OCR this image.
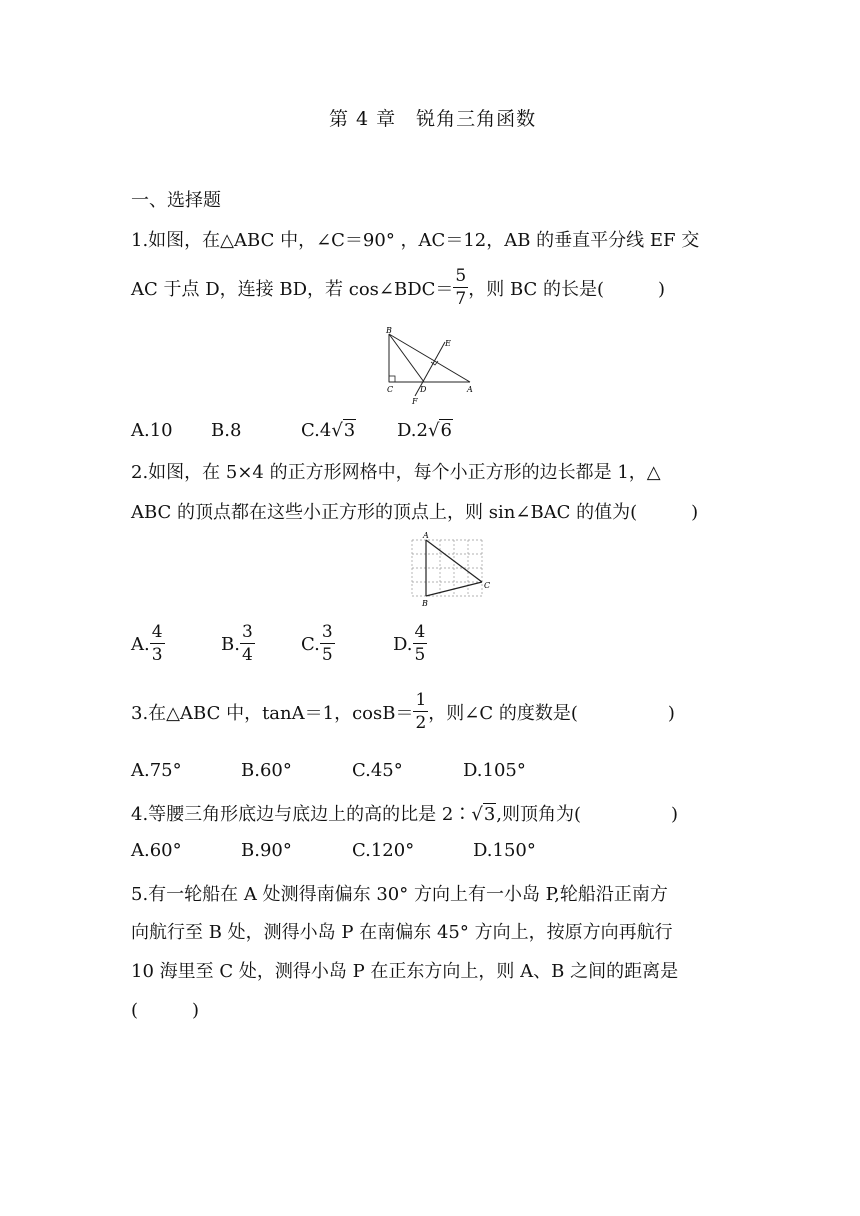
第 4 章　锐角三角函数
一、选择题
1.如图，在△ABC 中，∠C＝90° ，AC＝12，AB 的垂直平分线 EF 交
AC 于点 D，连接 BD，若 cos∠BDC＝ $\frac{5}{7}$ ，则 BC 的长是(　　　)
B
E
C	D	A
F
A.10 B.8	C.4√3 D.2√6
2.如图，在 5×4 的正方形网格中，每个小正方形的边长都是 1，△
ABC 的顶点都在这些小正方形的顶点上，则 sin∠BAC 的值为(　　　)
A
B
C
A. $\frac{4}{3}$	B. $\frac{3}{4}$	C. $\frac{3}{5}$	D. $\frac{4}{5}$
3.在△ABC 中，tanA＝1，$\cos B= \frac{1}{2}$ ，则∠C 的度数是(　　　　　)
A.75°	B.60°	C.45°	D.105°
4.等腰三角形底边与底边上的高的比是 2∶√3,则顶角为(　　　　　)
A.60°	B.90°	C.120°	D.150°
5.有一轮船在 A 处测得南偏东 30° 方向上有一小岛 P,轮船沿正南方
向航行至 B 处，测得小岛 P 在南偏东 45° 方向上，按原方向再航行
10 海里至 C 处，测得小岛 P 在正东方向上，则 A、B 之间的距离是
(　　　)
